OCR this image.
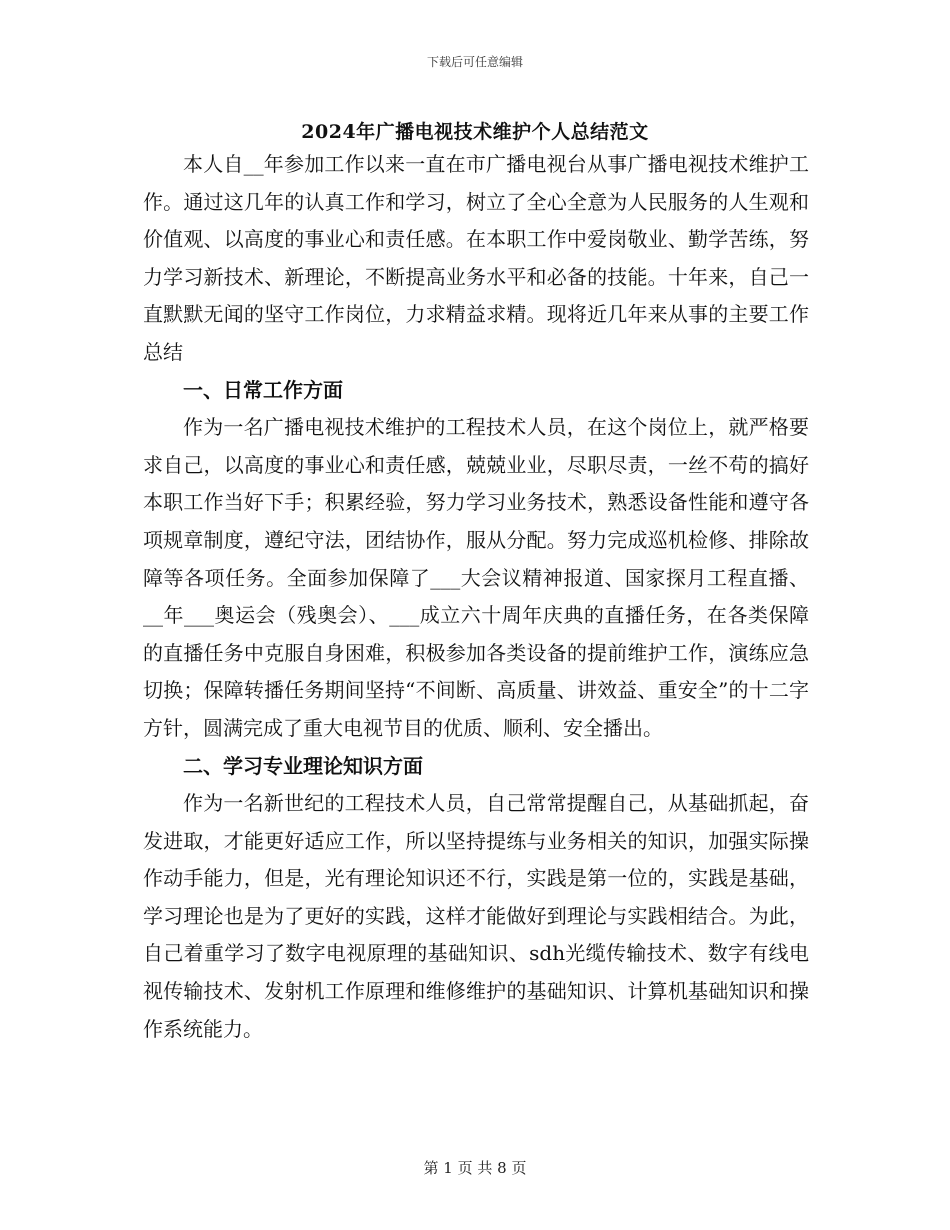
下载后可任意编辑
2024年广播电视技术维护个人总结范文

本人自__年参加工作以来一直在市广播电视台从事广播电视技术维护工作。通过这几年的认真工作和学习，树立了全心全意为人民服务的人生观和价值观、以高度的事业心和责任感。在本职工作中爱岗敬业、勤学苦练，努力学习新技术、新理论，不断提高业务水平和必备的技能。十年来，自己一直默默无闻的坚守工作岗位，力求精益求精。现将近几年来从事的主要工作总结

一、日常工作方面

作为一名广播电视技术维护的工程技术人员，在这个岗位上，就严格要求自己，以高度的事业心和责任感，兢兢业业，尽职尽责，一丝不苟的搞好本职工作当好下手；积累经验，努力学习业务技术，熟悉设备性能和遵守各项规章制度，遵纪守法，团结协作，服从分配。努力完成巡机检修、排除故障等各项任务。全面参加保障了___大会议精神报道、国家探月工程直播、__年___奥运会（残奥会）、___成立六十周年庆典的直播任务，在各类保障的直播任务中克服自身困难，积极参加各类设备的提前维护工作，演练应急切换；保障转播任务期间坚持“不间断、高质量、讲效益、重安全”的十二字方针，圆满完成了重大电视节目的优质、顺利、安全播出。

二、学习专业理论知识方面

作为一名新世纪的工程技术人员，自己常常提醒自己，从基础抓起，奋发进取，才能更好适应工作，所以坚持提练与业务相关的知识，加强实际操作动手能力，但是，光有理论知识还不行，实践是第一位的，实践是基础，学习理论也是为了更好的实践，这样才能做好到理论与实践相结合。为此，自己着重学习了数字电视原理的基础知识、sdh光缆传输技术、数字有线电视传输技术、发射机工作原理和维修维护的基础知识、计算机基础知识和操作系统能力。

第 1 页 共 8 页
